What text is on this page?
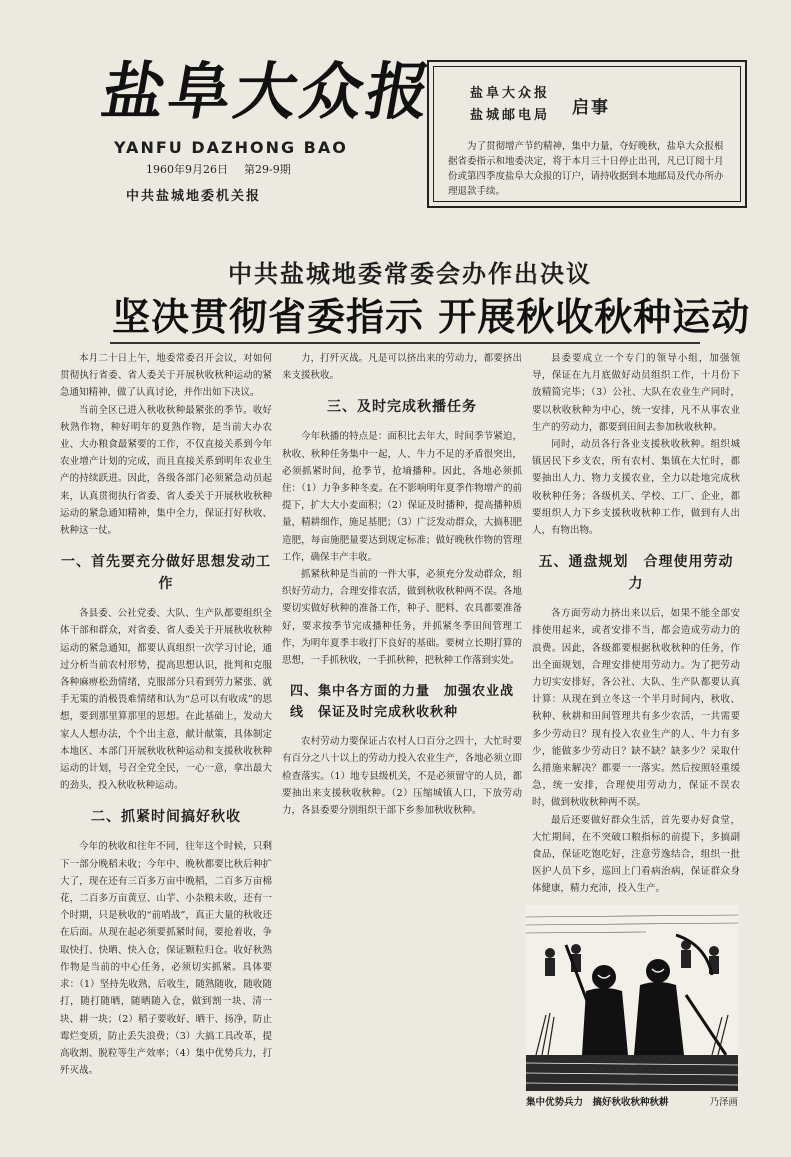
盐阜大众报
YANFU DAZHONG BAO
1960年9月26日 第29-9期
中共盐城地委机关报
盐阜大众报
盐城邮电局 启事
为了贯彻增产节约精神，集中力量，夺好晚秋，盐阜大众报根据省委指示和地委决定，将于本月三十日停止出刊，凡已订阅十月份或第四季度盐阜大众报的订户，请持收据到本地邮局及代办所办理退款手续。
中共盐城地委常委会办作出决议
坚决贯彻省委指示 开展秋收秋种运动

本月二十日上午，地委常委召开会议，对如何贯彻执行省委、省人委关于开展秋收秋种运动的紧急通知精神，做了认真讨论，并作出如下决议。

当前全区已进入秋收秋种最紧张的季节。收好秋熟作物，种好明年的夏熟作物，是当前大办农业、大办粮食最紧要的工作，不仅直接关系到今年农业增产计划的完成，而且直接关系到明年农业生产的持续跃进。因此，各级各部门必须紧急动员起来，认真贯彻执行省委、省人委关于开展秋收秋种运动的紧急通知精神，集中全力，保证打好秋收、秋种这一仗。

一、首先要充分做好思想发动工作

各县委、公社党委、大队、生产队都要组织全体干部和群众，对省委、省人委关于开展秋收秋种运动的紧急通知，都要认真组织一次学习讨论，通过分析当前农村形势，提高思想认识，批判和克服各种麻痹松劲情绪，克服部分只看到劳力紧张、就手无策的消极畏难情绪和认为“总可以有收成”的思想，要到那里算那里的思想。在此基础上，发动大家人人想办法，个个出主意，献计献策，具体制定本地区、本部门开展秋收秋种运动和支援秋收秋种运动的计划，号召全党全民，一心一意，拿出最大的劲头，投入秋收秋种运动。

二、抓紧时间搞好秋收

今年的秋收和往年不同，往年这个时候，只剩下一部分晚稻未收；今年中、晚秋都要比秋后种扩大了，现在还有三百多万亩中晚稻，二百多万亩棉花，二百多万亩黄豆、山芋、小杂粮未收，还有一个时期，只是秋收的“前哨战”，真正大量的秋收还在后面。从现在起必须要抓紧时间，要抢着收，争取快打、快晒、快入仓，保证颗粒归仓。收好秋熟作物是当前的中心任务，必须切实抓紧。具体要求：（1）坚持先收熟，后收生，随熟随收，随收随打，随打随晒，随晒随入仓，做到割一块、清一块、耕一块；（2）稻子要收好、晒干、扬净，防止霉烂变质，防止丢失浪费；（3）大搞工具改革，提高收割、脱粒等生产效率；（4）集中优势兵力，打歼灭战。

力，打歼灭战。凡是可以挤出来的劳动力，都要挤出来支援秋收。

三、及时完成秋播任务

今年秋播的特点是：面积比去年大，时间季节紧迫，秋收、秋种任务集中一起，人、牛力不足的矛盾很突出，必须抓紧时间，抢季节，抢墒播种。因此，各地必须抓住：（1）力争多种冬麦。在不影响明年夏季作物增产的前提下，扩大大小麦面积；（2）保证及时播种，提高播种质量，精耕细作，施足基肥；（3）广泛发动群众，大搞积肥造肥，每亩施肥量要达到规定标准；做好晚秋作物的管理工作，确保丰产丰收。

抓紧秋种是当前的一件大事，必须充分发动群众，组织好劳动力，合理安排农活，做到秋收秋种两不误。各地要切实做好秋种的准备工作，种子、肥料、农具都要准备好，要求按季节完成播种任务，并抓紧冬季田间管理工作，为明年夏季丰收打下良好的基础。要树立长期打算的思想，一手抓秋收，一手抓秋种，把秋种工作落到实处。

四、集中各方面的力量　加强农业战线　保证及时完成秋收秋种

农村劳动力要保证占农村人口百分之四十，大忙时要有百分之八十以上的劳动力投入农业生产，各地必须立即检查落实。（1）地专县级机关，不是必须留守的人员，都要抽出来支援秋收秋种。（2）压缩城镇人口，下放劳动力，各县委要分别组织干部下乡参加秋收秋种。

县委要成立一个专门的领导小组，加强领导，保证在九月底做好动员组织工作，十月份下放精简完毕；（3）公社、大队在农业生产同时，要以秋收秋种为中心，统一安排，凡不从事农业生产的劳动力，都要到田间去参加秋收秋种。

同时，动员各行各业支援秋收秋种。组织城镇居民下乡支农，所有农村、集镇在大忙时，都要抽出人力、物力支援农业，全力以赴地完成秋收秋种任务；各级机关、学校、工厂、企业，都要组织人力下乡支援秋收秋种工作，做到有人出人，有物出物。

五、通盘规划　合理使用劳动力

各方面劳动力挤出来以后，如果不能全部安排使用起来，或者安排不当，都会造成劳动力的浪费。因此，各级都要根据秋收秋种的任务，作出全面规划，合理安排使用劳动力。为了把劳动力切实安排好，各公社、大队、生产队都要认真计算：从现在到立冬这一个半月时间内，秋收、秋种、秋耕和田间管理共有多少农活，一共需要多少劳动日？现有投入农业生产的人、牛力有多少，能做多少劳动日？缺不缺？缺多少？采取什么措施来解决？都要一一落实。然后按照轻重缓急，统一安排，合理使用劳动力，保证不误农时，做到秋收秋种两不误。

最后还要做好群众生活，首先要办好食堂，大忙期间，在不突破口粮指标的前提下，多搞副食品，保证吃饱吃好，注意劳逸结合，组织一批医护人员下乡，巡回上门看病治病，保证群众身体健康，精力充沛，投入生产。

集中优势兵力　搞好秋收秋种秋耕	乃泽画
